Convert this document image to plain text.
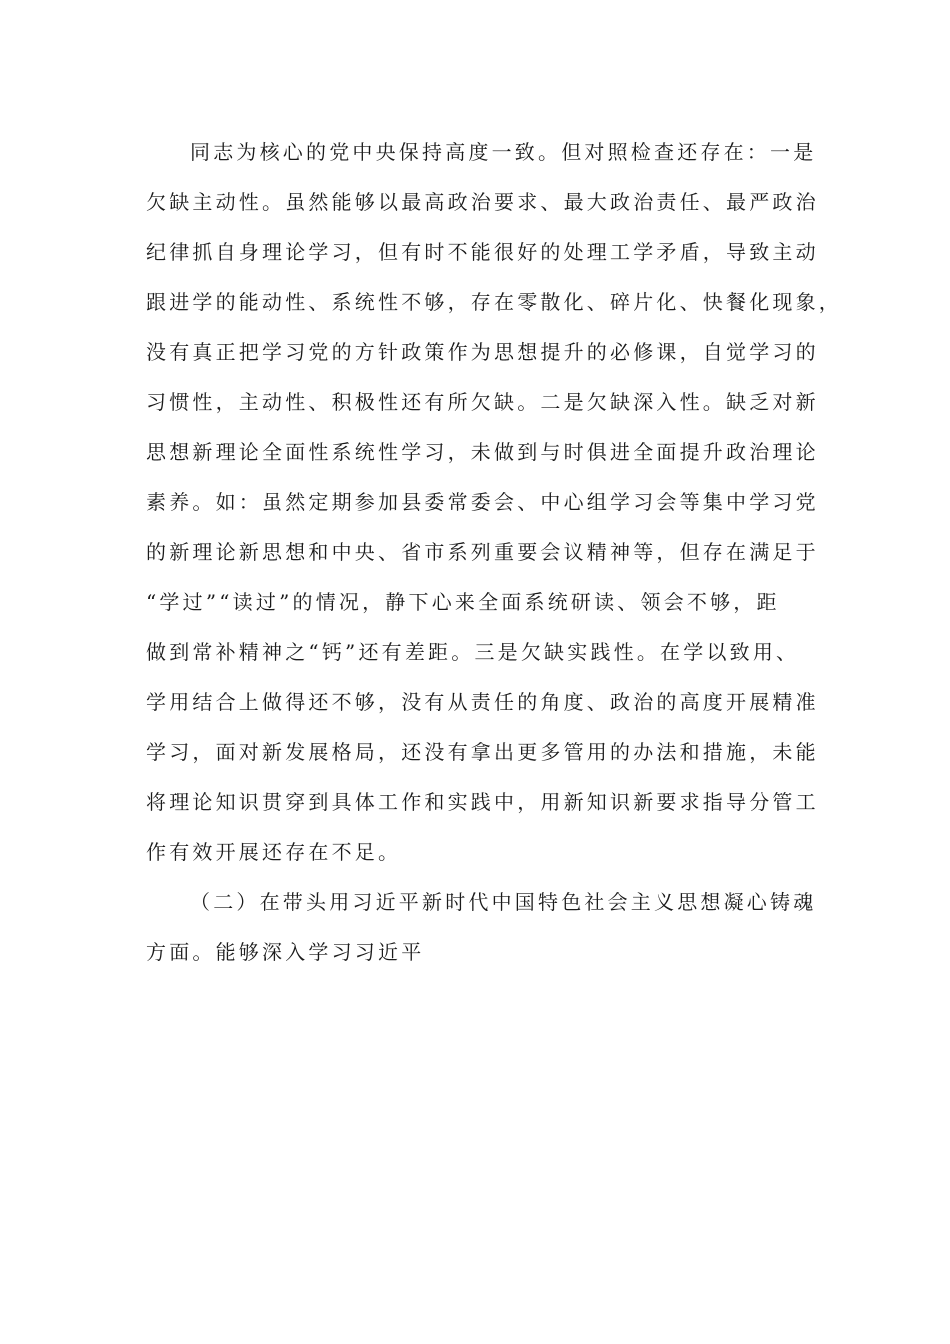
同志为核心的党中央保持高度一致。但对照检查还存在：一是
欠缺主动性。虽然能够以最高政治要求、最大政治责任、最严政治
纪律抓自身理论学习，但有时不能很好的处理工学矛盾，导致主动
跟进学的能动性、系统性不够，存在零散化、碎片化、快餐化现象，
没有真正把学习党的方针政策作为思想提升的必修课，自觉学习的
习惯性，主动性、积极性还有所欠缺。二是欠缺深入性。缺乏对新
思想新理论全面性系统性学习，未做到与时俱进全面提升政治理论
素养。如：虽然定期参加县委常委会、中心组学习会等集中学习党
的新理论新思想和中央、省市系列重要会议精神等，但存在满足于
“学过”“读过”的情况，静下心来全面系统研读、领会不够，距
做到常补精神之“钙”还有差距。三是欠缺实践性。在学以致用、
学用结合上做得还不够，没有从责任的角度、政治的高度开展精准
学习，面对新发展格局，还没有拿出更多管用的办法和措施，未能
将理论知识贯穿到具体工作和实践中，用新知识新要求指导分管工
作有效开展还存在不足。
（二）在带头用习近平新时代中国特色社会主义思想凝心铸魂
方面。能够深入学习习近平
